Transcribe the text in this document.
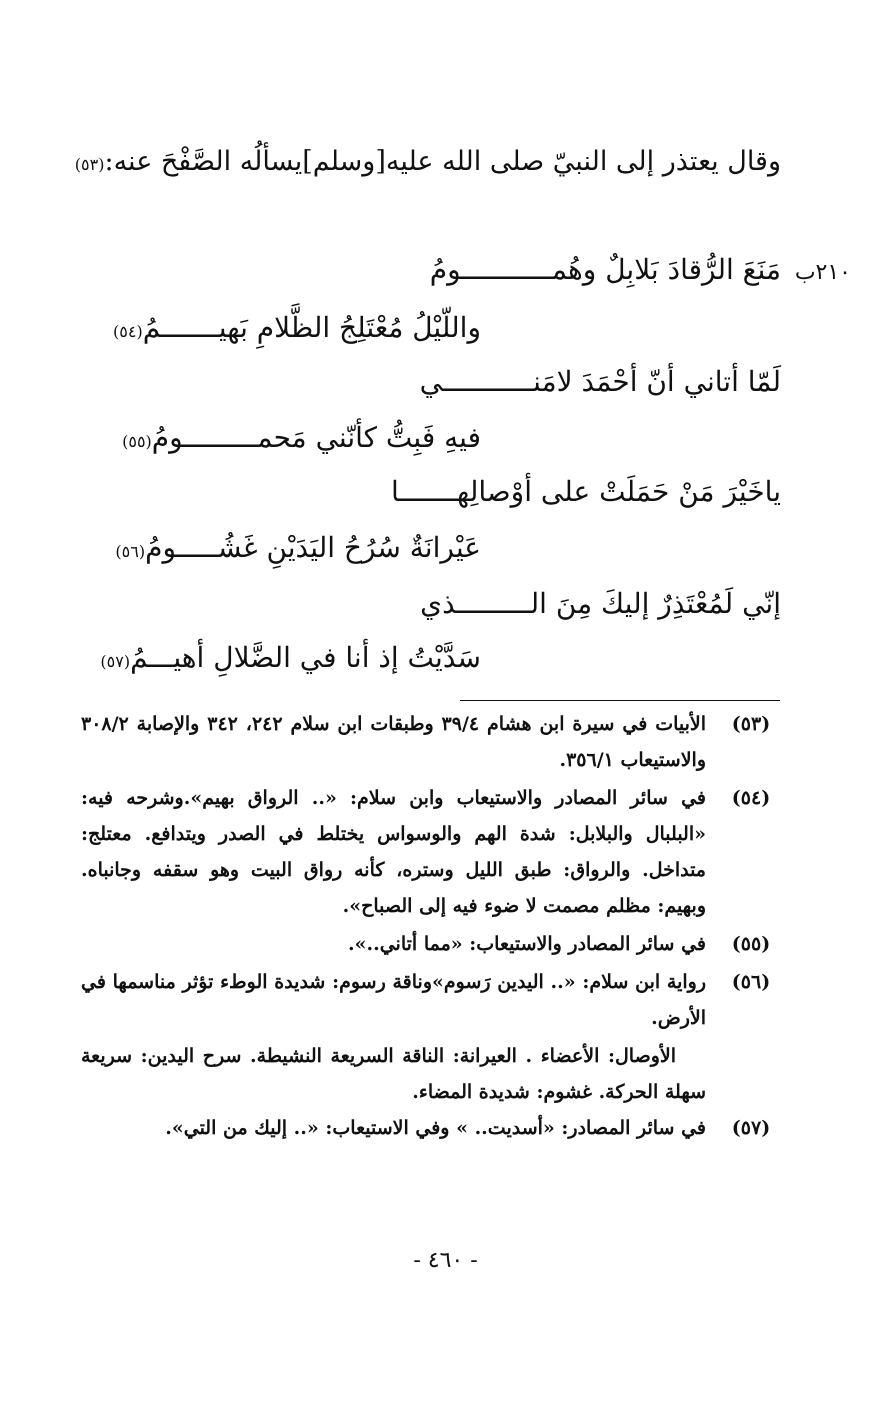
وقال يعتذر إلى النبيّ صلى الله عليه[وسلم]يسألُه الصَّفْحَ عنه:(٥٣)
٢١٠ب
مَنَعَ الرُّقادَ بَلابِلٌ وهُمـــــــــــومُ
واللّيْلُ مُعْتَلِجُ الظَّلامِ بَهيـــــــمُ(٥٤)
لَمّا أتاني أنّ أحْمَدَ لامَنـــــــــــي
فيهِ فَبِتُّ كأنّني مَحمـــــــــومُ(٥٥)
ياخَيْرَ مَنْ حَمَلَتْ على أوْصالِهـــــــا
عَيْرانَةٌ سُرُحُ اليَدَيْنِ غَشُـــــومُ(٥٦)
إنّي لَمُعْتَذِرٌ إليكَ مِنَ الـــــــــذي
سَدَّيْتُ إذ أنا في الضَّلالِ أهيـــمُ(٥٧)
(٥٣)
الأبيات في سيرة ابن هشام ٣٩/٤ وطبقات ابن سلام ٢٤٢، ٣٤٢ والإصابة ٣٠٨/٢ والاستيعاب ٣٥٦/١.
(٥٤)
في سائر المصادر والاستيعاب وابن سلام: «.. الرواق بهيم».وشرحه فيه: «البلبال والبلابل: شدة الهم والوسواس يختلط في الصدر ويتدافع. معتلج: متداخل. والرواق: طبق الليل وستره، كأنه رواق البيت وهو سقفه وجانباه. وبهيم: مظلم مصمت لا ضوء فيه إلى الصباح».
(٥٥)
في سائر المصادر والاستيعاب: «مما أتاني..».
(٥٦)
رواية ابن سلام: «.. اليدين رَسوم»وناقة رسوم: شديدة الوطء تؤثر مناسمها في الأرض.
الأوصال: الأعضاء . العيرانة: الناقة السريعة النشيطة. سرح اليدين: سريعة سهلة الحركة. غشوم: شديدة المضاء.
(٥٧)
في سائر المصادر: «أسديت.. » وفي الاستيعاب: «.. إليك من التي».
- ٤٦٠ -
